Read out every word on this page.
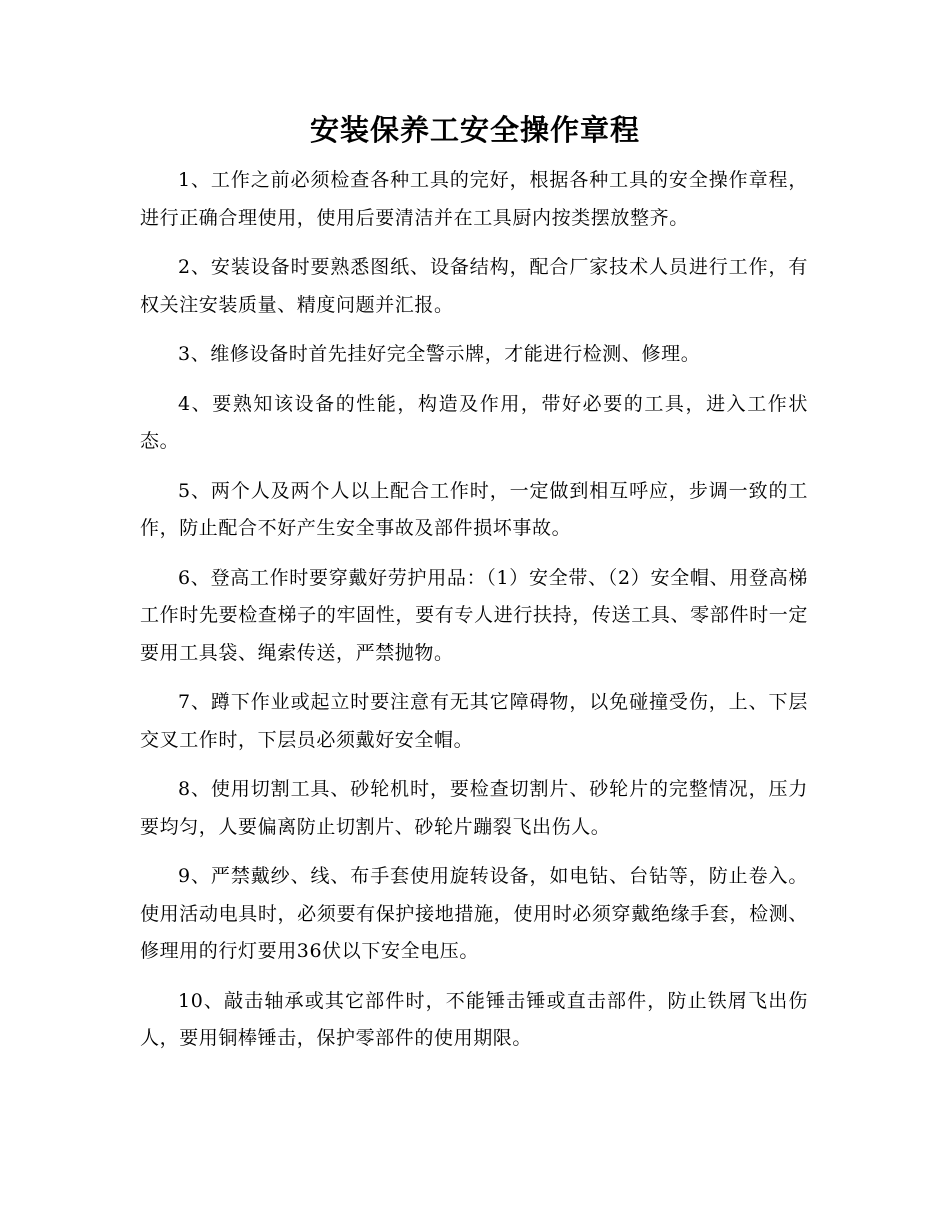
安装保养工安全操作章程

1、工作之前必须检查各种工具的完好，根据各种工具的安全操作章程，进行正确合理使用，使用后要清洁并在工具厨内按类摆放整齐。

2、安装设备时要熟悉图纸、设备结构，配合厂家技术人员进行工作，有权关注安装质量、精度问题并汇报。

3、维修设备时首先挂好完全警示牌，才能进行检测、修理。

4、要熟知该设备的性能，构造及作用，带好必要的工具，进入工作状态。

5、两个人及两个人以上配合工作时，一定做到相互呼应，步调一致的工作，防止配合不好产生安全事故及部件损坏事故。

6、登高工作时要穿戴好劳护用品：（1）安全带、（2）安全帽、用登高梯工作时先要检查梯子的牢固性，要有专人进行扶持，传送工具、零部件时一定要用工具袋、绳索传送，严禁抛物。

7、蹲下作业或起立时要注意有无其它障碍物，以免碰撞受伤，上、下层交叉工作时，下层员必须戴好安全帽。

8、使用切割工具、砂轮机时，要检查切割片、砂轮片的完整情况，压力要均匀，人要偏离防止切割片、砂轮片蹦裂飞出伤人。

9、严禁戴纱、线、布手套使用旋转设备，如电钻、台钻等，防止卷入。使用活动电具时，必须要有保护接地措施，使用时必须穿戴绝缘手套，检测、修理用的行灯要用36伏以下安全电压。

10、敲击轴承或其它部件时，不能锤击锤或直击部件，防止铁屑飞出伤人，要用铜棒锤击，保护零部件的使用期限。
